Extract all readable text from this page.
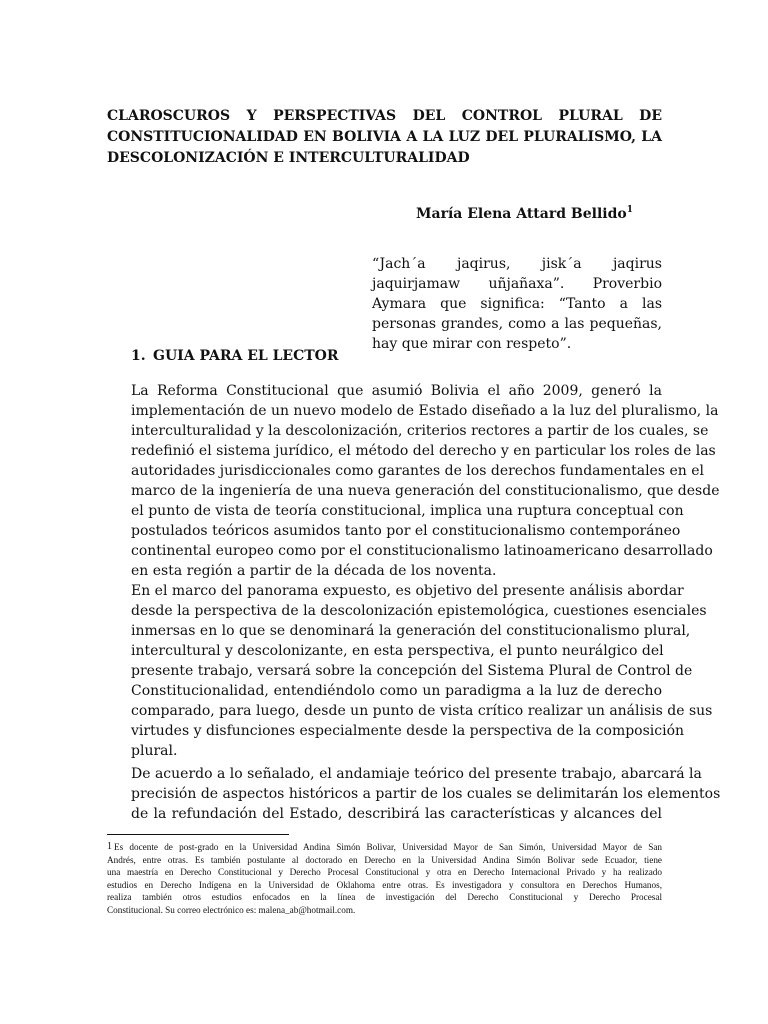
CLAROSCUROS Y PERSPECTIVAS DEL CONTROL PLURAL DE CONSTITUCIONALIDAD EN BOLIVIA A LA LUZ DEL PLURALISMO, LA DESCOLONIZACIÓN E INTERCULTURALIDAD

María Elena Attard Bellido$^1$

“Jach´a jaqirus, jisk´a jaqirus jaquirjamaw uñjañaxa”. Proverbio Aymara que significa: “Tanto a las personas grandes, como a las pequeñas, hay que mirar con respeto”.

1. GUIA PARA EL LECTOR

La Reforma Constitucional que asumió Bolivia el año 2009, generó la
implementación de un nuevo modelo de Estado diseñado a la luz del pluralismo, la
interculturalidad y la descolonización, criterios rectores a partir de los cuales, se
redefinió el sistema jurídico, el método del derecho y en particular los roles de las
autoridades jurisdiccionales como garantes de los derechos fundamentales en el
marco de la ingeniería de una nueva generación del constitucionalismo, que desde
el punto de vista de teoría constitucional, implica una ruptura conceptual con
postulados teóricos asumidos tanto por el constitucionalismo contemporáneo
continental europeo como por el constitucionalismo latinoamericano desarrollado
en esta región a partir de la década de los noventa.
En el marco del panorama expuesto, es objetivo del presente análisis abordar
desde la perspectiva de la descolonización epistemológica, cuestiones esenciales
inmersas en lo que se denominará la generación del constitucionalismo plural,
intercultural y descolonizante, en esta perspectiva, el punto neurálgico del
presente trabajo, versará sobre la concepción del Sistema Plural de Control de
Constitucionalidad, entendiéndolo como un paradigma a la luz de derecho
comparado, para luego, desde un punto de vista crítico realizar un análisis de sus
virtudes y disfunciones especialmente desde la perspectiva de la composición
plural.
De acuerdo a lo señalado, el andamiaje teórico del presente trabajo, abarcará la
precisión de aspectos históricos a partir de los cuales se delimitarán los elementos
de la refundación del Estado, describirá las características y alcances del
$^1$ Es docente de post-grado en la Universidad Andina Simón Bolivar, Universidad Mayor de San Simón, Universidad Mayor de San
Andrés, entre otras. Es también postulante al doctorado en Derecho en la Universidad Andina Simón Bolivar sede Ecuador, tiene
una maestría en Derecho Constitucional y Derecho Procesal Constitucional y otra en Derecho Internacional Privado y ha realizado
estudios en Derecho Indígena en la Universidad de Oklahoma entre otras. Es investigadora y consultora en Derechos Humanos,
realiza también otros estudios enfocados en la línea de investigación del Derecho Constitucional y Derecho Procesal
Constitucional. Su correo electrónico es: malena_ab@hotmail.com.
